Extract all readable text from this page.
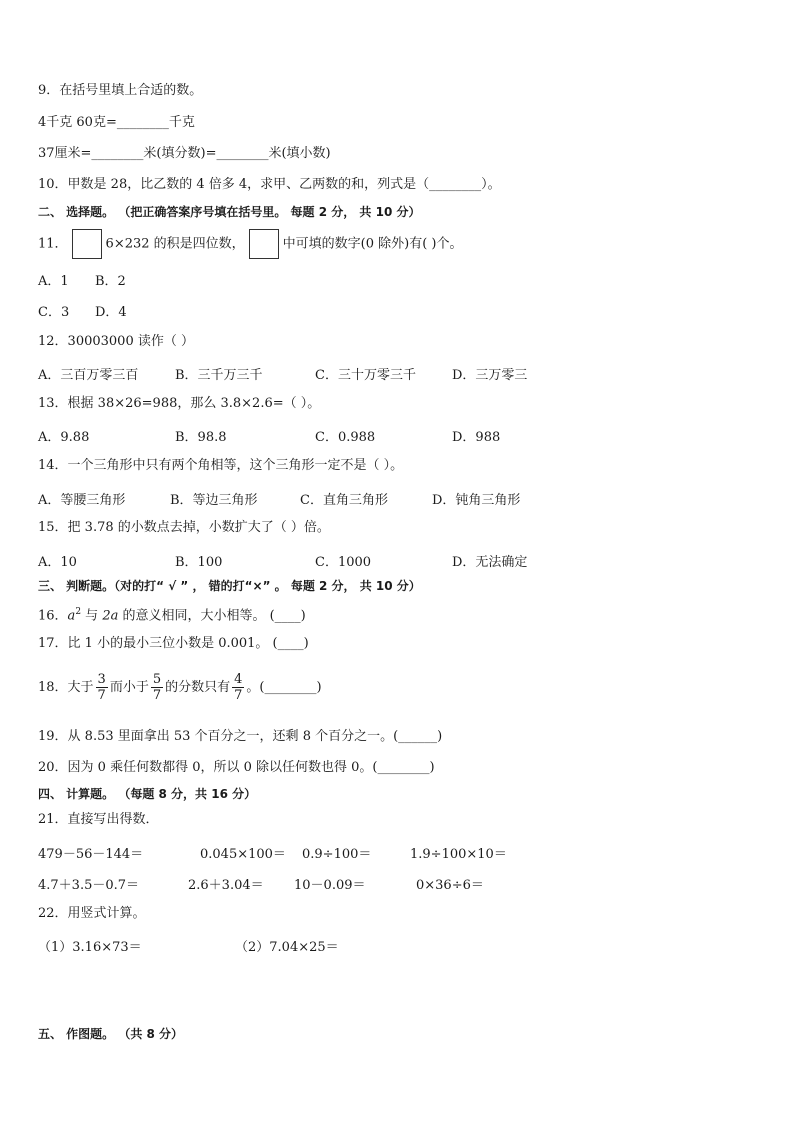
9．在括号里填上合适的数。
4千克 60克=________千克
37厘米=________米(填分数)=________米(填小数)
10．甲数是 28，比乙数的 4 倍多 4，求甲、乙两数的和，列式是（________）。
二、 选择题。 （把正确答案序号填在括号里。 每题 2 分， 共 10 分）
11．	6×232 的积是四位数，	中可填的数字(0 除外)有( )个。
A．1 B．2
C．3 D．4
12．30003000 读作（ ）
A．三百万零三百	B．三千万三千	C．三十万零三千	D．三万零三
13．根据 38×26=988，那么 3.8×2.6=（ ）。
A．9.88	B．98.8	C．0.988	D．988
14．一个三角形中只有两个角相等，这个三角形一定不是（ ）。
A．等腰三角形	B．等边三角形	C．直角三角形	D．钝角三角形
15．把 3.78 的小数点去掉，小数扩大了（ ）倍。
A．10	B．100	C．1000	D．无法确定
三、 判断题。（对的打“ √ ” ， 错的打“×” 。 每题 2 分， 共 10 分）
16．$a^2$ 与 2a 的意义相同，大小相等。 (____)
17．比 1 小的最小三位小数是 0.001。 (____)
18．大于 $\frac{3}{7}$ 而小于 $\frac{5}{7}$ 的分数只有 $\frac{4}{7}$ 。(________)
19．从 8.53 里面拿出 53 个百分之一，还剩 8 个百分之一。(______)
20．因为 0 乘任何数都得 0，所以 0 除以任何数也得 0。(________)
四、 计算题。 （每题 8 分，共 16 分）
21．直接写出得数．
479－56－144＝	0.045×100＝ 0.9÷100＝	1.9÷100×10＝
4.7＋3.5－0.7＝	2.6＋3.04＝ 10－0.09＝	0×36÷6＝
22．用竖式计算。
（1）3.16×73＝	（2）7.04×25＝
五、 作图题。 （共 8 分）
